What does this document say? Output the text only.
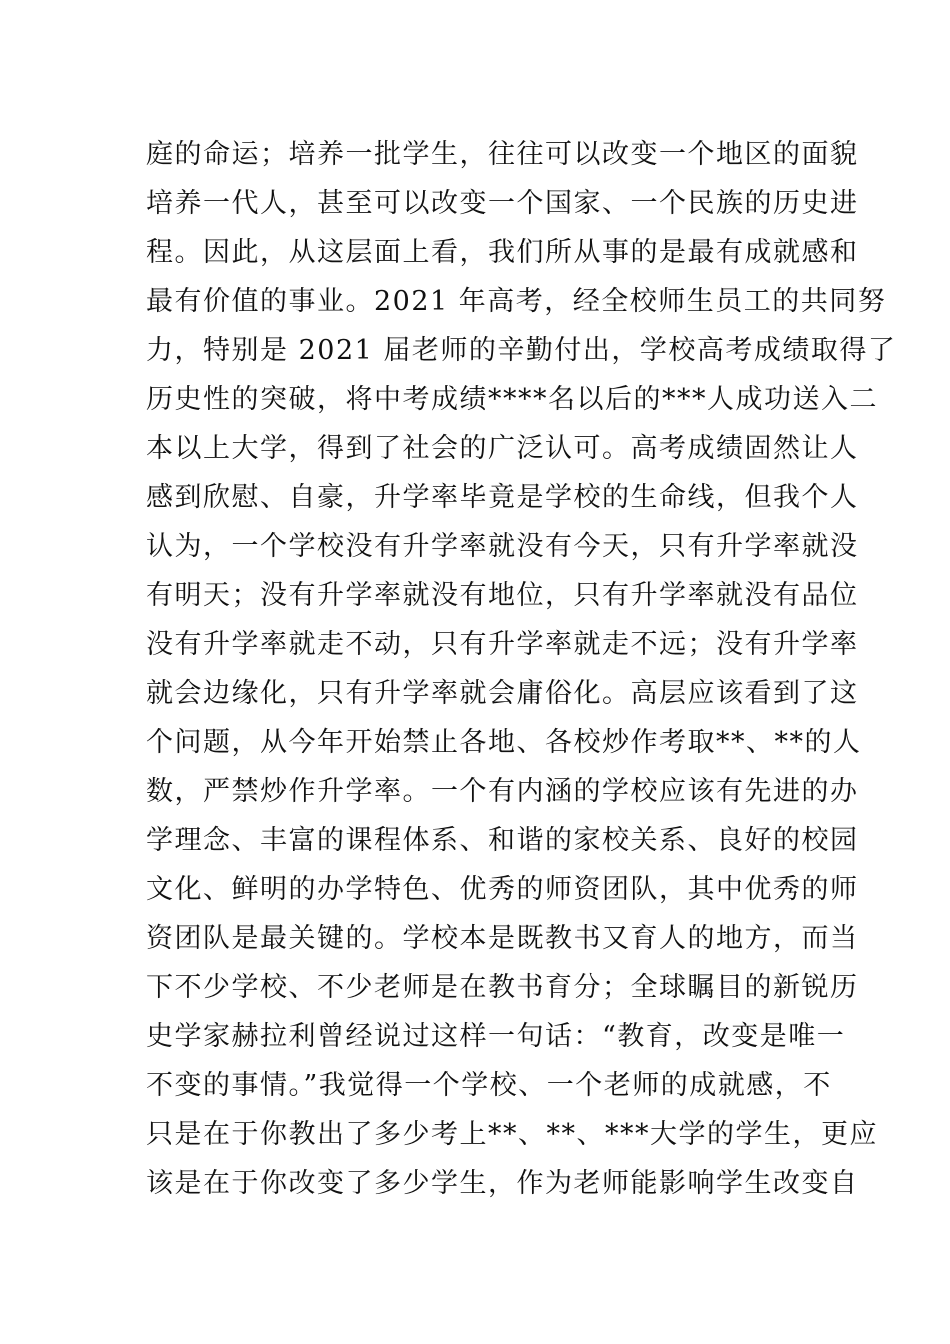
庭的命运；培养一批学生，往往可以改变一个地区的面貌
培养一代人，甚至可以改变一个国家、一个民族的历史进
程。因此，从这层面上看，我们所从事的是最有成就感和
最有价值的事业。2021 年高考，经全校师生员工的共同努
力，特别是 2021 届老师的辛勤付出，学校高考成绩取得了
历史性的突破，将中考成绩****名以后的***人成功送入二
本以上大学，得到了社会的广泛认可。高考成绩固然让人
感到欣慰、自豪，升学率毕竟是学校的生命线，但我个人
认为，一个学校没有升学率就没有今天，只有升学率就没
有明天；没有升学率就没有地位，只有升学率就没有品位
没有升学率就走不动，只有升学率就走不远；没有升学率
就会边缘化，只有升学率就会庸俗化。高层应该看到了这
个问题，从今年开始禁止各地、各校炒作考取**、**的人
数，严禁炒作升学率。一个有内涵的学校应该有先进的办
学理念、丰富的课程体系、和谐的家校关系、良好的校园
文化、鲜明的办学特色、优秀的师资团队，其中优秀的师
资团队是最关键的。学校本是既教书又育人的地方，而当
下不少学校、不少老师是在教书育分；全球瞩目的新锐历
史学家赫拉利曾经说过这样一句话：“教育，改变是唯一
不变的事情。”我觉得一个学校、一个老师的成就感，不
只是在于你教出了多少考上**、**、***大学的学生，更应
该是在于你改变了多少学生，作为老师能影响学生改变自
